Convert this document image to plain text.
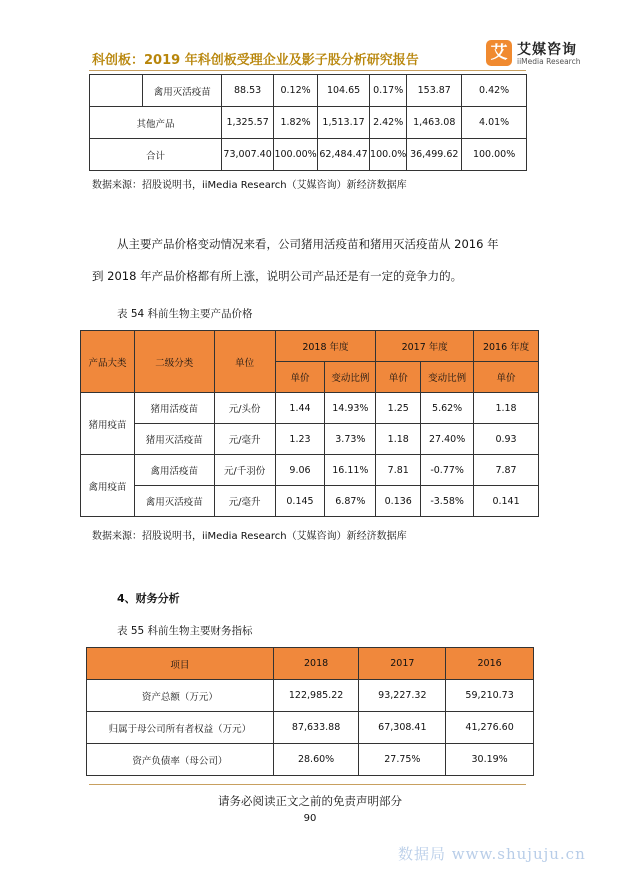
科创板：2019 年科创板受理企业及影子股分析研究报告	艾 艾媒咨询
iiMedia Research
	禽用灭活疫苗	88.53	0.12%	104.65	0.17%	153.87	0.42%
其他产品		1,325.57	1.82%	1,513.17	2.42%	1,463.08	4.01%
合计		73,007.40	100.00%	62,484.47	100.0%	36,499.62	100.00%
数据来源：招股说明书，iiMedia Research（艾媒咨询）新经济数据库
从主要产品价格变动情况来看，公司猪用活疫苗和猪用灭活疫苗从 2016 年
到 2018 年产品价格都有所上涨，说明公司产品还是有一定的竞争力的。
表 54 科前生物主要产品价格
产品大类	二级分类	单位	2018 年度		2017 年度		2016 年度
			单价	变动比例	单价	变动比例	单价
猪用疫苗	猪用活疫苗	元/头份	1.44	14.93%	1.25	5.62%	1.18
	猪用灭活疫苗	元/毫升	1.23	3.73%	1.18	27.40%	0.93
禽用疫苗	禽用活疫苗	元/千羽份	9.06	16.11%	7.81	-0.77%	7.87
	禽用灭活疫苗	元/毫升	0.145	6.87%	0.136	-3.58%	0.141
数据来源：招股说明书，iiMedia Research（艾媒咨询）新经济数据库
4、财务分析
表 55 科前生物主要财务指标
项目	2018	2017	2016
资产总额（万元）	122,985.22	93,227.32	59,210.73
归属于母公司所有者权益（万元）	87,633.88	67,308.41	41,276.60
资产负债率（母公司）	28.60%	27.75%	30.19%
请务必阅读正文之前的免责声明部分
90
数据局 www.shujuju.cn
